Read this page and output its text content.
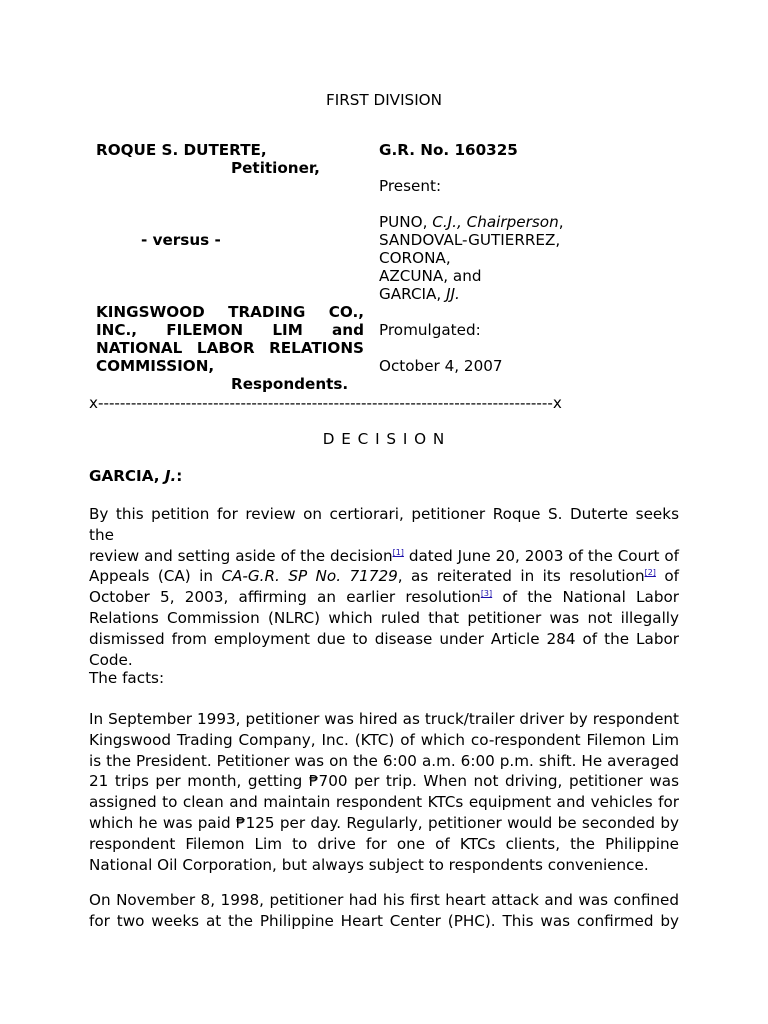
FIRST DIVISION
ROQUE S. DUTERTE,
Petitioner,
- versus -
KINGSWOOD TRADING CO.,
INC., FILEMON LIM and
NATIONAL LABOR RELATIONS
COMMISSION,
Respondents.
G.R. No. 160325
Present:
PUNO, C.J., Chairperson,
SANDOVAL-GUTIERREZ,
CORONA,
AZCUNA, and
GARCIA, JJ.
Promulgated:
October 4, 2007
x-----------------------------------------------------------------------------------x
D E C I S I O N
GARCIA, J.:
By this petition for review on certiorari, petitioner Roque S. Duterte seeks the
review and setting aside of the decision[1] dated June 20, 2003 of the Court of
Appeals (CA) in CA-G.R. SP No. 71729, as reiterated in its resolution[2] of
October 5, 2003, affirming an earlier resolution[3] of the National Labor
Relations Commission (NLRC) which ruled that petitioner was not illegally
dismissed from employment due to disease under Article 284 of the Labor
Code.
The facts:
In September 1993, petitioner was hired as truck/trailer driver by respondent
Kingswood Trading Company, Inc. (KTC) of which co-respondent Filemon Lim
is the President. Petitioner was on the 6:00 a.m. 6:00 p.m. shift. He averaged
21 trips per month, getting ₱700 per trip. When not driving, petitioner was
assigned to clean and maintain respondent KTCs equipment and vehicles for
which he was paid ₱125 per day. Regularly, petitioner would be seconded by
respondent Filemon Lim to drive for one of KTCs clients, the Philippine
National Oil Corporation, but always subject to respondents convenience.
On November 8, 1998, petitioner had his first heart attack and was confined
for two weeks at the Philippine Heart Center (PHC). This was confirmed by
